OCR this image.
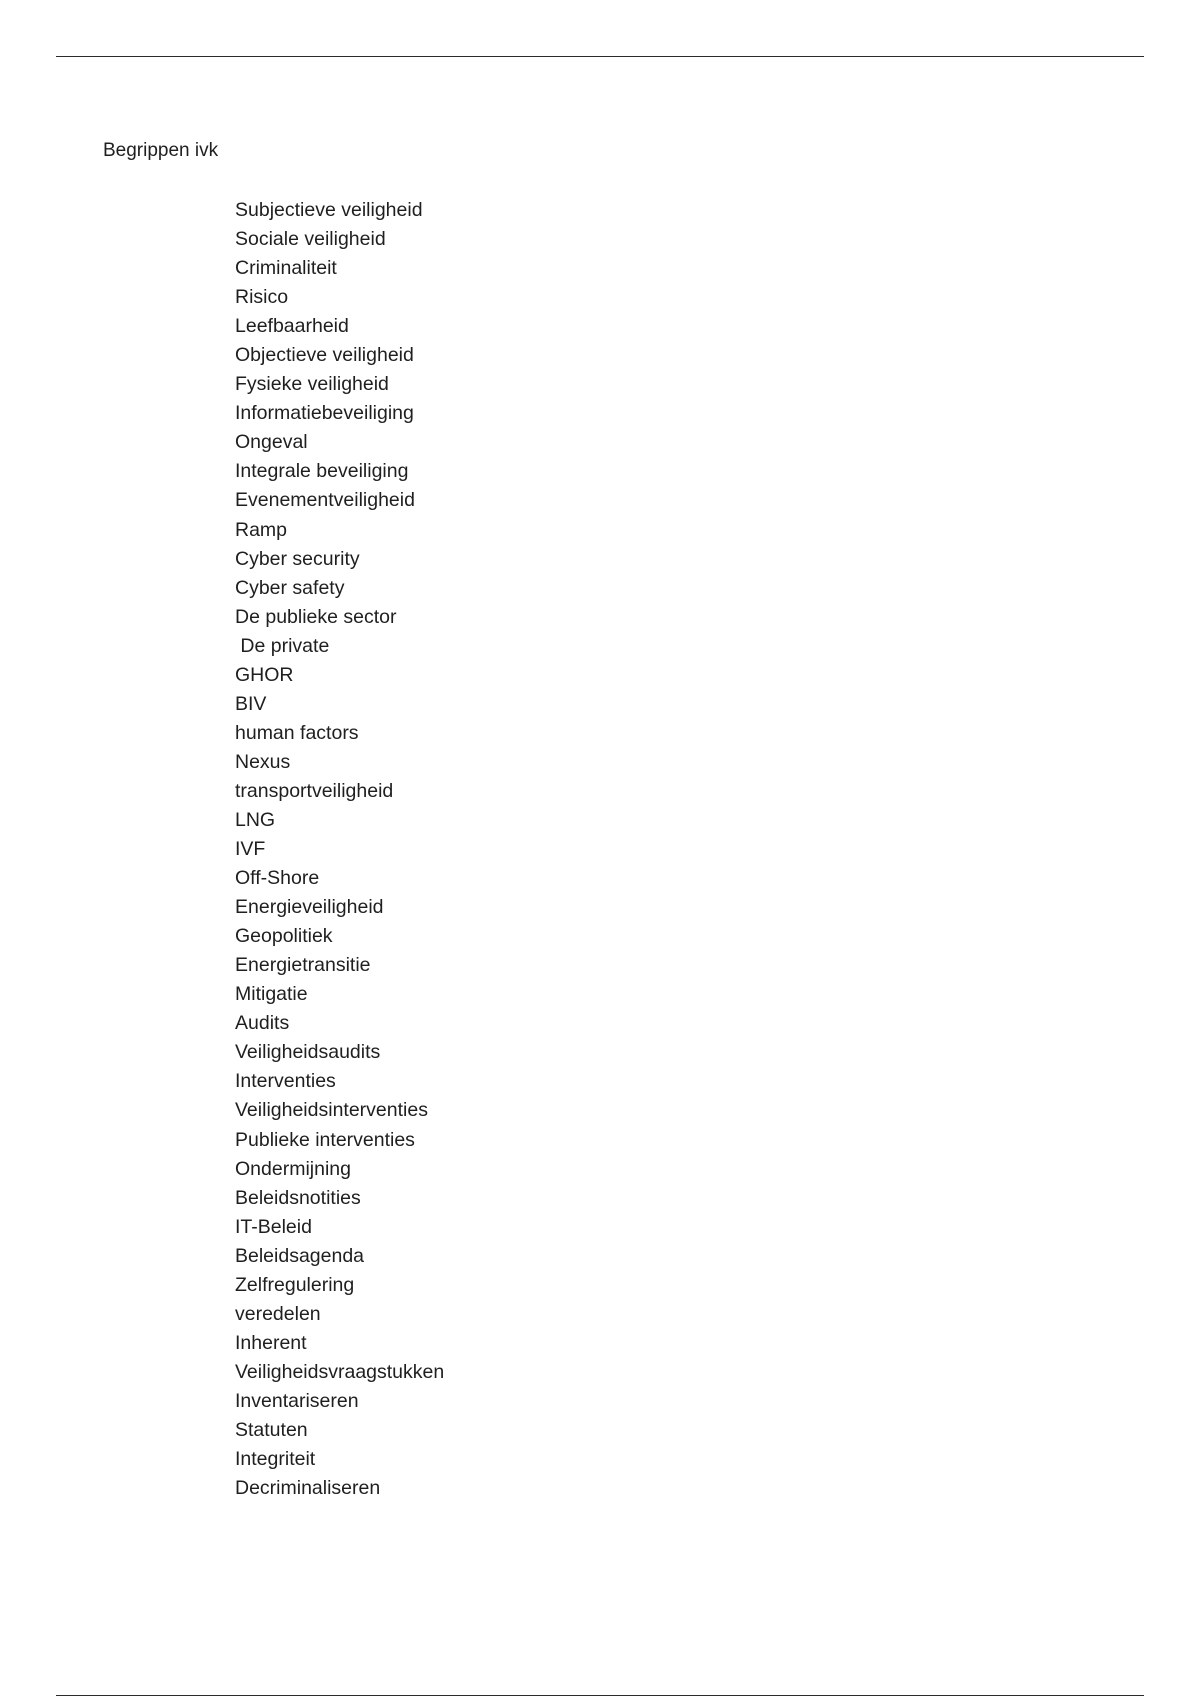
Begrippen ivk
Subjectieve veiligheid
Sociale veiligheid
Criminaliteit
Risico
Leefbaarheid
Objectieve veiligheid
Fysieke veiligheid
Informatiebeveiliging
Ongeval
Integrale beveiliging
Evenementveiligheid
Ramp
Cyber security
Cyber safety
De publieke sector
De private
GHOR
BIV
human factors
Nexus
transportveiligheid
LNG
IVF
Off-Shore
Energieveiligheid
Geopolitiek
Energietransitie
Mitigatie
Audits
Veiligheidsaudits
Interventies
Veiligheidsinterventies
Publieke interventies
Ondermijning
Beleidsnotities
IT-Beleid
Beleidsagenda
Zelfregulering
veredelen
Inherent
Veiligheidsvraagstukken
Inventariseren
Statuten
Integriteit
Decriminaliseren
